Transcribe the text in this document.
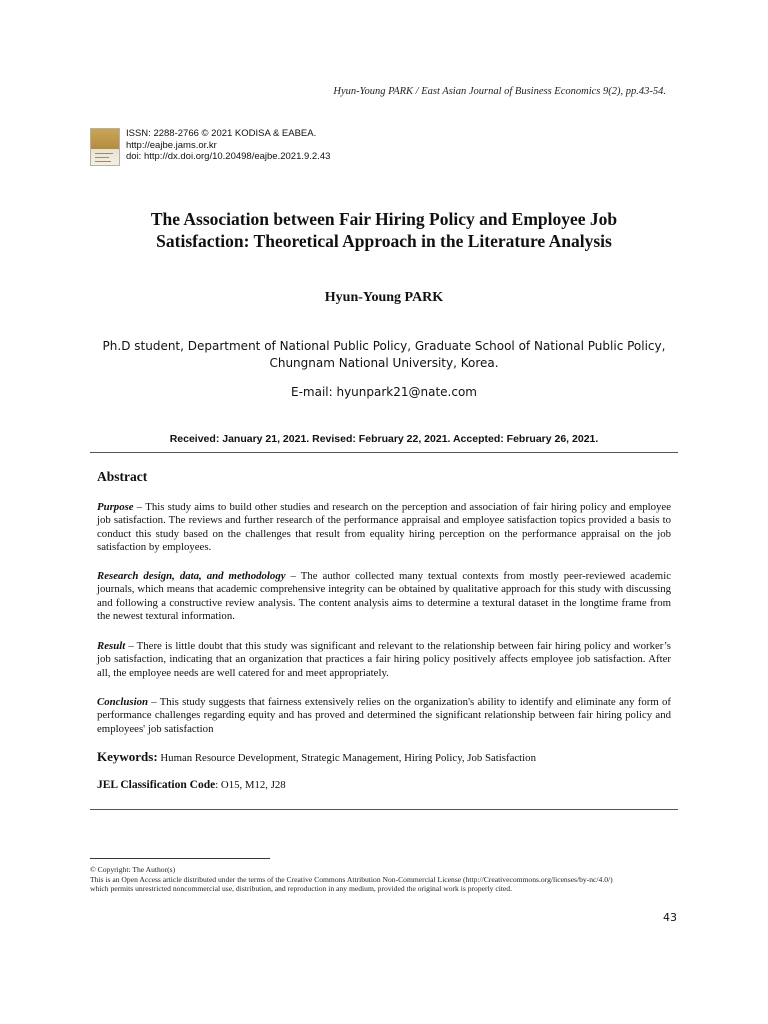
Hyun-Young PARK / East Asian Journal of Business Economics 9(2), pp.43-54.
ISSN: 2288-2766 © 2021 KODISA & EABEA.
http://eajbe.jams.or.kr
doi: http://dx.doi.org/10.20498/eajbe.2021.9.2.43
The Association between Fair Hiring Policy and Employee Job
Satisfaction: Theoretical Approach in the Literature Analysis
Hyun-Young PARK
Ph.D student, Department of National Public Policy, Graduate School of National Public Policy,
Chungnam National University, Korea.
E-mail: hyunpark21@nate.com
Received: January 21, 2021. Revised: February 22, 2021. Accepted: February 26, 2021.
Abstract
Purpose – This study aims to build other studies and research on the perception and association of fair hiring policy and employee job satisfaction. The reviews and further research of the performance appraisal and employee satisfaction topics provided a basis to conduct this study based on the challenges that result from equality hiring perception on the performance appraisal on the job satisfaction by employees.
Research design, data, and methodology – The author collected many textual contexts from mostly peer-reviewed academic journals, which means that academic comprehensive integrity can be obtained by qualitative approach for this study with discussing and following a constructive review analysis. The content analysis aims to determine a textural dataset in the longtime frame from the newest textural information.
Result – There is little doubt that this study was significant and relevant to the relationship between fair hiring policy and worker’s job satisfaction, indicating that an organization that practices a fair hiring policy positively affects employee job satisfaction. After all, the employee needs are well catered for and meet appropriately.
Conclusion – This study suggests that fairness extensively relies on the organization's ability to identify and eliminate any form of performance challenges regarding equity and has proved and determined the significant relationship between fair hiring policy and employees' job satisfaction
Keywords: Human Resource Development, Strategic Management, Hiring Policy, Job Satisfaction
JEL Classification Code: O15, M12, J28
© Copyright: The Author(s)
This is an Open Access article distributed under the terms of the Creative Commons Attribution Non-Commercial License (http://Creativecommons.org/licenses/by-nc/4.0/)
which permits unrestricted noncommercial use, distribution, and reproduction in any medium, provided the original work is properly cited.
43
